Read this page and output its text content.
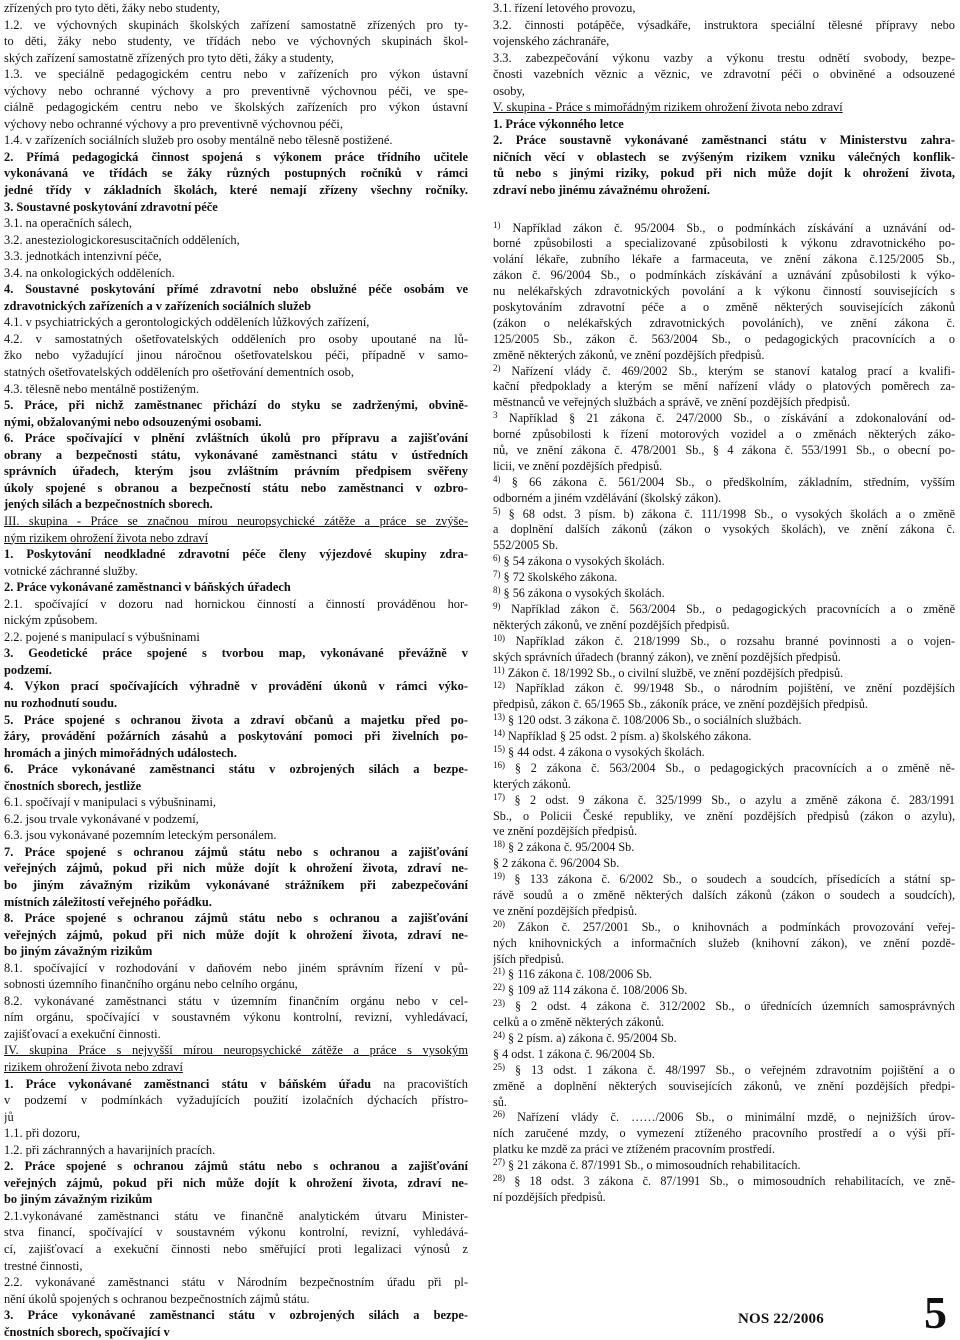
zřízených pro tyto děti, žáky nebo studenty,
1.2. ve výchovných skupinách školských zařízení samostatně zřízených pro ty-
to děti, žáky nebo studenty, ve třídách nebo ve výchovných skupinách škol-
ských zařízení samostatně zřízených pro tyto děti, žáky a studenty,
1.3. ve speciálně pedagogickém centru nebo v zařízeních pro výkon ústavní
výchovy nebo ochranné výchovy a pro preventivně výchovnou péči, ve spe-
ciálně pedagogickém centru nebo ve školských zařízeních pro výkon ústavní
výchovy nebo ochranné výchovy a pro preventivně výchovnou péči,
1.4. v zařízeních sociálních služeb pro osoby mentálně nebo tělesně postižené.
2. Přímá pedagogická činnost spojená s výkonem práce třídního učitele
vykonávaná ve třídách se žáky různých postupných ročníků v rámci
jedné třídy v základních školách, které nemají zřízeny všechny ročníky.
3. Soustavné poskytování zdravotní péče
3.1. na operačních sálech,
3.2. anesteziologickoresuscitačních odděleních,
3.3. jednotkách intenzivní péče,
3.4. na onkologických odděleních.
4. Soustavné poskytování přímé zdravotní nebo obslužné péče osobám ve
zdravotnických zařízeních a v zařízeních sociálních služeb
4.1. v psychiatrických a gerontologických odděleních lůžkových zařízení,
4.2. v samostatných ošetřovatelských odděleních pro osoby upoutané na lů-
žko nebo vyžadující jinou náročnou ošetřovatelskou péči, případně v samo-
statných ošetřovatelských odděleních pro ošetřování dementních osob,
4.3. tělesně nebo mentálně postiženým.
5. Práce, při nichž zaměstnanec přichází do styku se zadrženými, obvině-
nými, obžalovanými nebo odsouzenými osobami.
6. Práce spočívající v plnění zvláštních úkolů pro přípravu a zajišťování
obrany a bezpečnosti státu, vykonávané zaměstnanci státu v ústředních
správních úřadech, kterým jsou zvláštním právním předpisem svěřeny
úkoly spojené s obranou a bezpečností státu nebo zaměstnanci v ozbro-
jených silách a bezpečnostních sborech.
III. skupina - Práce se značnou mírou neuropsychické zátěže a práce se zvýše-
ným rizikem ohrožení života nebo zdraví
1. Poskytování neodkladné zdravotní péče členy výjezdové skupiny zdra-
votnické záchranné služby.
2. Práce vykonávané zaměstnanci v báňských úřadech
2.1. spočívající v dozoru nad hornickou činností a činností prováděnou hor-
nickým způsobem.
2.2. pojené s manipulací s výbušninami
3. Geodetické práce spojené s tvorbou map, vykonávané převážně v
podzemí.
4. Výkon prací spočívajících výhradně v provádění úkonů v rámci výko-
nu rozhodnutí soudu.
5. Práce spojené s ochranou života a zdraví občanů a majetku před po-
žáry, provádění požárních zásahů a poskytování pomoci při živelních po-
hromách a jiných mimořádných událostech.
6. Práce vykonávané zaměstnanci státu v ozbrojených silách a bezpe-
čnostních sborech, jestliže
6.1. spočívají v manipulaci s výbušninami,
6.2. jsou trvale vykonávané v podzemí,
6.3. jsou vykonávané pozemním leteckým personálem.
7. Práce spojené s ochranou zájmů státu nebo s ochranou a zajišťování
veřejných zájmů, pokud při nich může dojít k ohrožení života, zdraví ne-
bo jiným závažným rizikům vykonávané strážníkem při zabezpečování
místních záležitostí veřejného pořádku.
8. Práce spojené s ochranou zájmů státu nebo s ochranou a zajišťování
veřejných zájmů, pokud při nich může dojít k ohrožení života, zdraví ne-
bo jiným závažným rizikům
8.1. spočívající v rozhodování v daňovém nebo jiném správním řízení v pů-
sobnosti územního finančního orgánu nebo celního orgánu,
8.2. vykonávané zaměstnanci státu v územním finančním orgánu nebo v cel-
ním orgánu, spočívající v soustavném výkonu kontrolní, revizní, vyhledávací,
zajišťovací a exekuční činnosti.
IV. skupina Práce s nejvyšší mírou neuropsychické zátěže a práce s vysokým
rizikem ohrožení života nebo zdraví
1. Práce vykonávané zaměstnanci státu v báňském úřadu na pracovištích
v podzemí v podmínkách vyžadujících použití izolačních dýchacích přístro-
jů
1.1. při dozoru,
1.2. při záchranných a havarijních pracích.
2. Práce spojené s ochranou zájmů státu nebo s ochranou a zajišťování
veřejných zájmů, pokud při nich může dojít k ohrožení života, zdraví ne-
bo jiným závažným rizikům
2.1.vykonávané zaměstnanci státu ve finančně analytickém útvaru Minister-
stva financí, spočívající v soustavném výkonu kontrolní, revizní, vyhledává-
cí, zajišťovací a exekuční činnosti nebo směřující proti legalizaci výnosů z
trestné činnosti,
2.2. vykonávané zaměstnanci státu v Národním bezpečnostním úřadu při pl-
nění úkolů spojených s ochranou bezpečnostních zájmů státu.
3. Práce vykonávané zaměstnanci státu v ozbrojených silách a bezpe-
čnostních sborech, spočívající v
3.1. řízení letového provozu,
3.2. činnosti potápěče, výsadkáře, instruktora speciální tělesné přípravy nebo
vojenského záchranáře,
3.3. zabezpečování výkonu vazby a výkonu trestu odnětí svobody, bezpe-
čnosti vazebních věznic a věznic, ve zdravotní péči o obviněné a odsouzené
osoby,
V. skupina - Práce s mimořádným rizikem ohrožení života nebo zdraví
1. Práce výkonného letce
2. Práce soustavně vykonávané zaměstnanci státu v Ministerstvu zahra-
ničních věcí v oblastech se zvýšeným rizikem vzniku válečných konflik-
tů nebo s jinými riziky, pokud při nich může dojít k ohrožení života,
zdraví nebo jinému závažnému ohrožení.
$^{1)}$ Například zákon č. 95/2004 Sb., o podmínkách získávání a uznávání od-
borné způsobilosti a specializované způsobilosti k výkonu zdravotnického po-
volání lékaře, zubního lékaře a farmaceuta, ve znění zákona č.125/2005 Sb.,
zákon č. 96/2004 Sb., o podmínkách získávání a uznávání způsobilosti k výko-
nu nelékařských zdravotnických povolání a k výkonu činností souvisejících s
poskytováním zdravotní péče a o změně některých souvisejících zákonů
(zákon o nelékařských zdravotnických povoláních), ve znění zákona č.
125/2005 Sb., zákon č. 563/2004 Sb., o pedagogických pracovnících a o
změně některých zákonů, ve znění pozdějších předpisů.
$^{2)}$ Nařízení vlády č. 469/2002 Sb., kterým se stanoví katalog prací a kvalifi-
kační předpoklady a kterým se mění nařízení vlády o platových poměrech za-
městnanců ve veřejných službách a správě, ve znění pozdějších předpisů.
$^3$ Například § 21 zákona č. 247/2000 Sb., o získávání a zdokonalování od-
borné způsobilosti k řízení motorových vozidel a o změnách některých záko-
nů, ve znění zákona č. 478/2001 Sb., § 4 zákona č. 553/1991 Sb., o obecní po-
licii, ve znění pozdějších předpisů.
$^{4)}$ § 66 zákona č. 561/2004 Sb., o předškolním, základním, středním, vyšším
odborném a jiném vzdělávání (školský zákon).
$^{5)}$ § 68 odst. 3 písm. b) zákona č. 111/1998 Sb., o vysokých školách a o změně
a doplnění dalších zákonů (zákon o vysokých školách), ve znění zákona č.
552/2005 Sb.
$^{6)}$ § 54 zákona o vysokých školách.
$^{7)}$ § 72 školského zákona.
$^{8)}$ § 56 zákona o vysokých školách.
$^{9)}$ Například zákon č. 563/2004 Sb., o pedagogických pracovnících a o změně
některých zákonů, ve znění pozdějších předpisů.
$^{10)}$ Například zákon č. 218/1999 Sb., o rozsahu branné povinnosti a o vojen-
ských správních úřadech (branný zákon), ve znění pozdějších předpisů.
$^{11)}$ Zákon č. 18/1992 Sb., o civilní službě, ve znění pozdějších předpisů.
$^{12)}$ Například zákon č. 99/1948 Sb., o národním pojištění, ve znění pozdějších
předpisů, zákon č. 65/1965 Sb., zákoník práce, ve znění pozdějších předpisů.
$^{13)}$ § 120 odst. 3 zákona č. 108/2006 Sb., o sociálních službách.
$^{14)}$ Například § 25 odst. 2 písm. a) školského zákona.
$^{15)}$ § 44 odst. 4 zákona o vysokých školách.
$^{16)}$ § 2 zákona č. 563/2004 Sb., o pedagogických pracovnících a o změně ně-
kterých zákonů.
$^{17)}$ § 2 odst. 9 zákona č. 325/1999 Sb., o azylu a změně zákona č. 283/1991
Sb., o Policii České republiky, ve znění pozdějších předpisů (zákon o azylu),
ve znění pozdějších předpisů.
$^{18)}$ § 2 zákona č. 95/2004 Sb.
§ 2 zákona č. 96/2004 Sb.
$^{19)}$ § 133 zákona č. 6/2002 Sb., o soudech a soudcích, přísedících a státní sp-
rávě soudů a o změně některých dalších zákonů (zákon o soudech a soudcích),
ve znění pozdějších předpisů.
$^{20)}$ Zákon č. 257/2001 Sb., o knihovnách a podmínkách provozování veřej-
ných knihovnických a informačních služeb (knihovní zákon), ve znění pozdě-
jších předpisů.
$^{21)}$ § 116 zákona č. 108/2006 Sb.
$^{22)}$ § 109 až 114 zákona č. 108/2006 Sb.
$^{23)}$ § 2 odst. 4 zákona č. 312/2002 Sb., o úřednících územních samosprávných
celků a o změně některých zákonů.
$^{24)}$ § 2 písm. a) zákona č. 95/2004 Sb.
§ 4 odst. 1 zákona č. 96/2004 Sb.
$^{25)}$ § 13 odst. 1 zákona č. 48/1997 Sb., o veřejném zdravotním pojištění a o
změně a doplnění některých souvisejících zákonů, ve znění pozdějších předpi-
sů.
$^{26)}$ Nařízení vlády č. ……/2006 Sb., o minimální mzdě, o nejnižších úrov-
ních zaručené mzdy, o vymezení ztíženého pracovního prostředí a o výši pří-
platku ke mzdě za práci ve ztíženém pracovním prostředí.
$^{27)}$ § 21 zákona č. 87/1991 Sb., o mimosoudních rehabilitacích.
$^{28)}$ § 18 odst. 3 zákona č. 87/1991 Sb., o mimosoudních rehabilitacích, ve zně-
ní pozdějších předpisů.
NOS 22/2006 5
